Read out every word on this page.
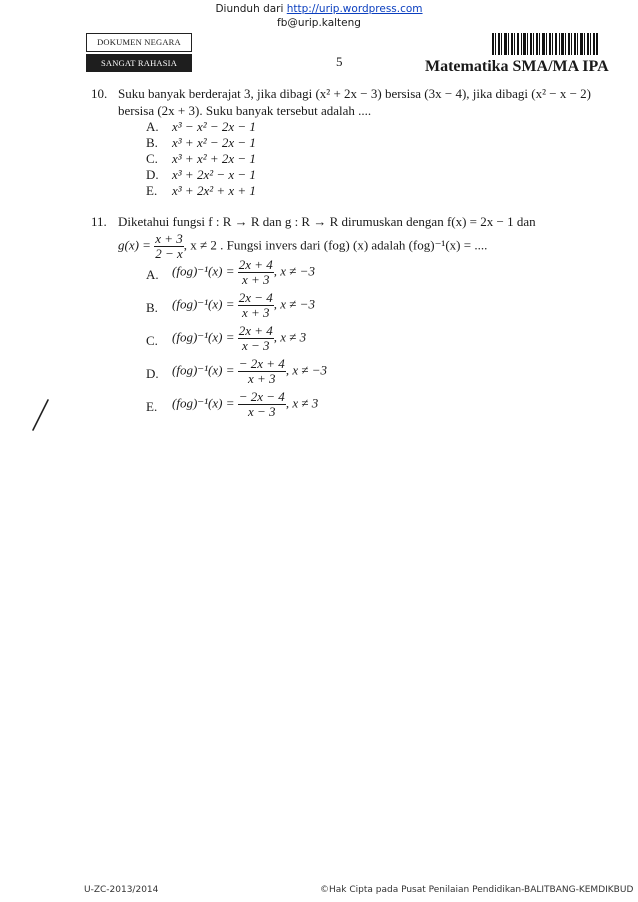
Diunduh dari http://urip.wordpress.com
fb@urip.kalteng
DOKUMEN NEGARA
SANGAT RAHASIA	5	Matematika SMA/MA IPA
10. Suku banyak berderajat 3, jika dibagi (x² + 2x − 3) bersisa (3x − 4), jika dibagi (x² − x − 2)
bersisa (2x + 3). Suku banyak tersebut adalah ....
A. x³ − x² − 2x − 1
B. x³ + x² − 2x − 1
C. x³ + x² + 2x − 1
D. x³ + 2x² − x − 1
E. x³ + 2x² + x + 1
11. Diketahui fungsi f : R → R dan g : R → R dirumuskan dengan f(x) = 2x − 1 dan
$g(x) = \frac{x + 3}{2 - x}$ , x ≠ 2 . Fungsi invers dari (fog) (x) adalah (fog)⁻¹(x) = ....
A. $(fog)^{-1}(x) = \frac{2x + 4}{x + 3}$ , x ≠ −3
B. $(fog)^{-1}(x) = \frac{2x - 4}{x + 3}$ , x ≠ −3
C. $(fog)^{-1}(x) = \frac{2x + 4}{x - 3}$ , x ≠ 3
D. $(fog)^{-1}(x) = \frac{- 2x + 4}{x + 3}$ , x ≠ −3
E. $(fog)^{-1}(x) = \frac{- 2x - 4}{x - 3}$ , x ≠ 3
U-ZC-2013/2014	©Hak Cipta pada Pusat Penilaian Pendidikan-BALITBANG-KEMDIKBUD
